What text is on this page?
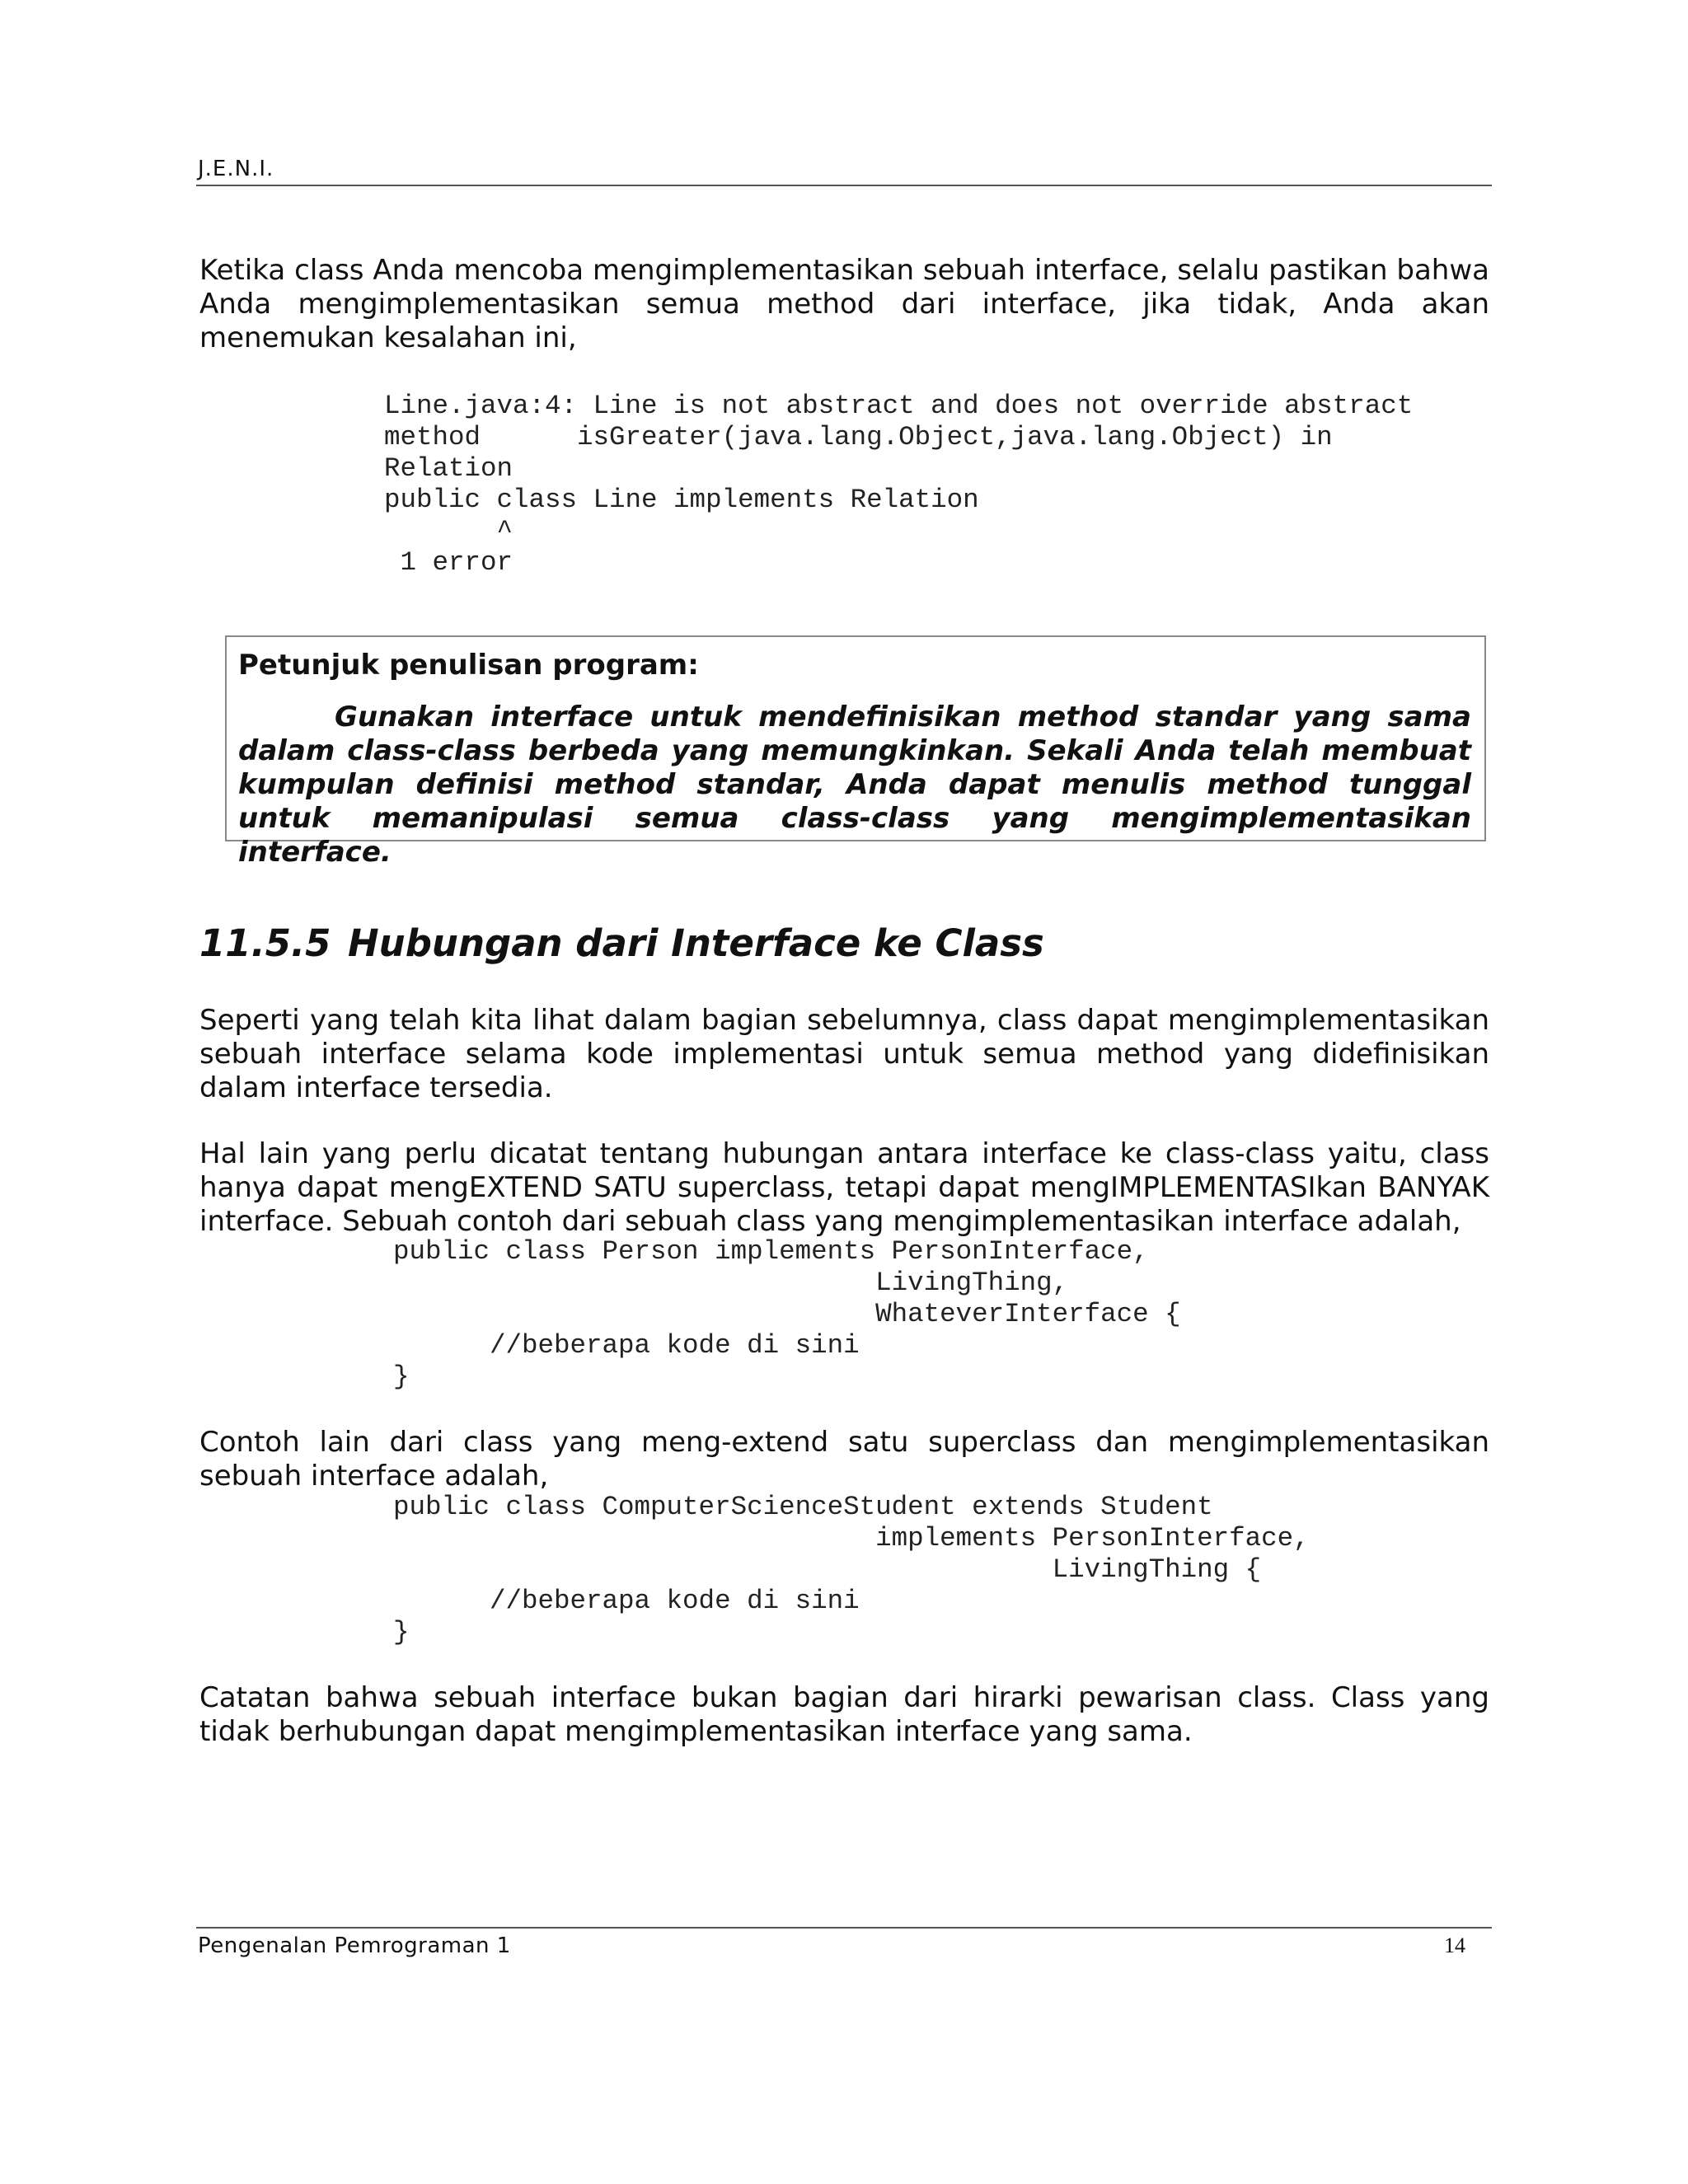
J.E.N.I.

Ketika class Anda mencoba mengimplementasikan sebuah interface, selalu pastikan bahwa Anda mengimplementasikan semua method dari interface, jika tidak, Anda akan menemukan kesalahan ini,

Line.java:4: Line is not abstract and does not override abstract
method      isGreater(java.lang.Object,java.lang.Object) in
Relation
public class Line implements Relation
^
1 error
Petunjuk penulisan program:
Gunakan interface untuk mendefinisikan method standar yang sama dalam class-class berbeda yang memungkinkan. Sekali Anda telah membuat kumpulan definisi method standar, Anda dapat menulis method tunggal untuk memanipulasi semua class-class yang mengimplementasikan interface.
11.5.5 Hubungan dari Interface ke Class

Seperti yang telah kita lihat dalam bagian sebelumnya, class dapat mengimplementasikan sebuah interface selama kode implementasi untuk semua method yang didefinisikan dalam interface tersedia.

Hal lain yang perlu dicatat tentang hubungan antara interface ke class-class yaitu, class hanya dapat mengEXTEND SATU superclass, tetapi dapat mengIMPLEMENTASIkan BANYAK interface. Sebuah contoh dari sebuah class yang mengimplementasikan interface adalah,

public class Person implements PersonInterface,
LivingThing,
WhateverInterface {
//beberapa kode di sini
}

Contoh lain dari class yang meng-extend satu superclass dan mengimplementasikan sebuah interface adalah,

public class ComputerScienceStudent extends Student
implements PersonInterface,
LivingThing {
//beberapa kode di sini
}

Catatan bahwa sebuah interface bukan bagian dari hirarki pewarisan class. Class yang tidak berhubungan dapat mengimplementasikan interface yang sama.

Pengenalan Pemrograman 1	14
